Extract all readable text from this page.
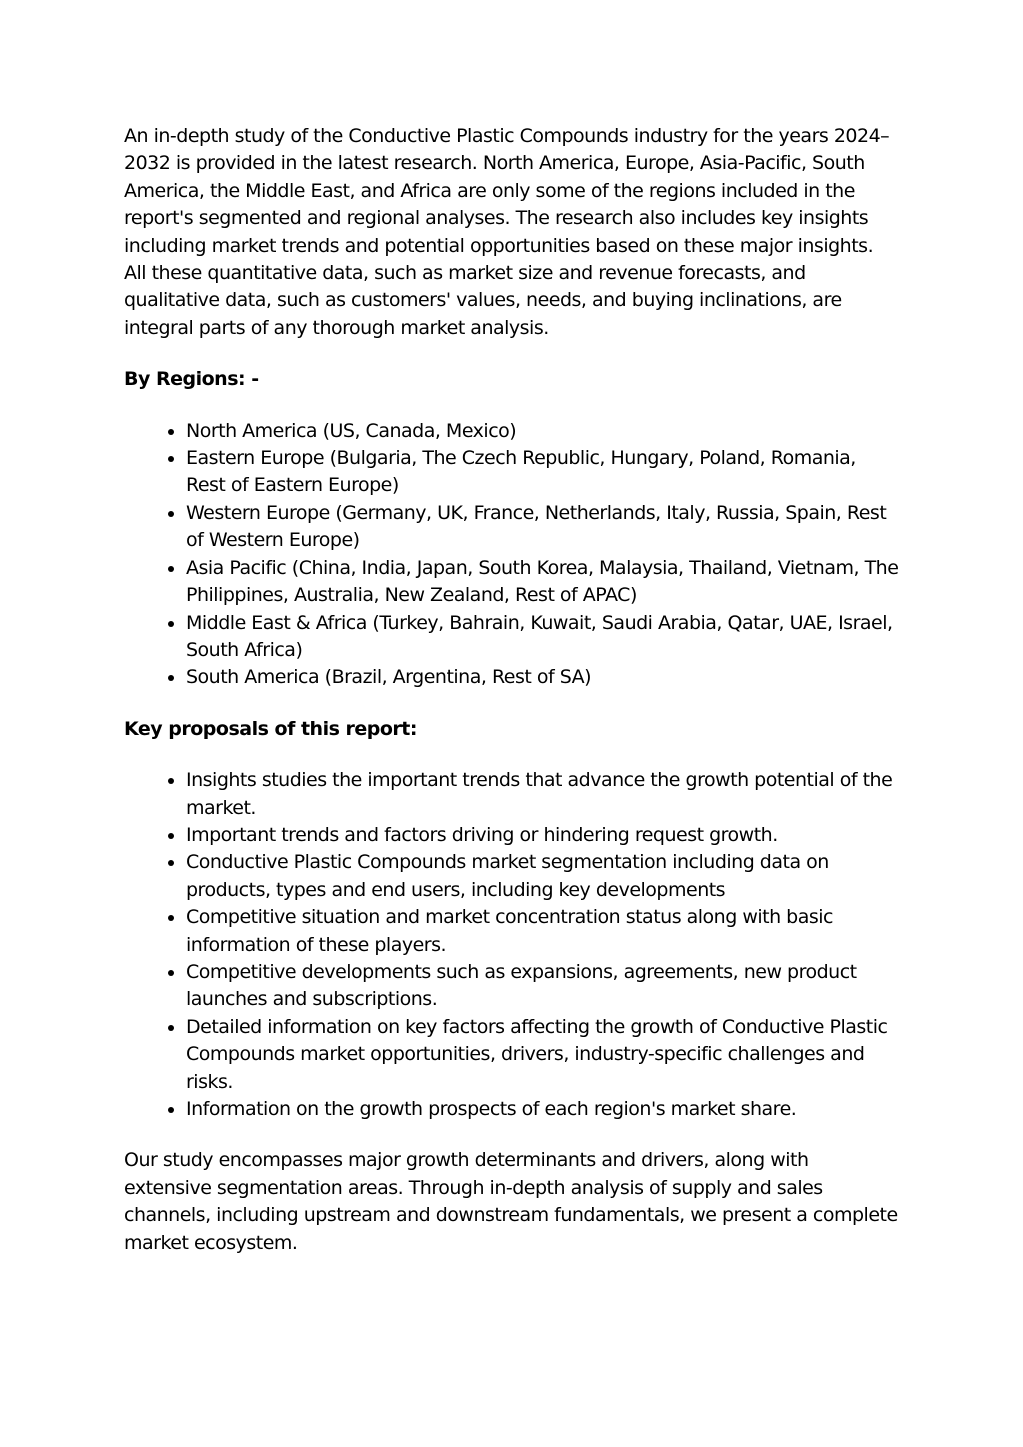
An in-depth study of the Conductive Plastic Compounds industry for the years 2024–2032 is provided in the latest research. North America, Europe, Asia-Pacific, South America, the Middle East, and Africa are only some of the regions included in the report's segmented and regional analyses. The research also includes key insights including market trends and potential opportunities based on these major insights. All these quantitative data, such as market size and revenue forecasts, and qualitative data, such as customers' values, needs, and buying inclinations, are integral parts of any thorough market analysis.

By Regions: -

• North America (US, Canada, Mexico)
• Eastern Europe (Bulgaria, The Czech Republic, Hungary, Poland, Romania, Rest of Eastern Europe)
• Western Europe (Germany, UK, France, Netherlands, Italy, Russia, Spain, Rest of Western Europe)
• Asia Pacific (China, India, Japan, South Korea, Malaysia, Thailand, Vietnam, The Philippines, Australia, New Zealand, Rest of APAC)
• Middle East & Africa (Turkey, Bahrain, Kuwait, Saudi Arabia, Qatar, UAE, Israel, South Africa)
• South America (Brazil, Argentina, Rest of SA)

Key proposals of this report:

• Insights studies the important trends that advance the growth potential of the market.
• Important trends and factors driving or hindering request growth.
• Conductive Plastic Compounds market segmentation including data on products, types and end users, including key developments
• Competitive situation and market concentration status along with basic information of these players.
• Competitive developments such as expansions, agreements, new product launches and subscriptions.
• Detailed information on key factors affecting the growth of Conductive Plastic Compounds market opportunities, drivers, industry-specific challenges and risks.
• Information on the growth prospects of each region's market share.

Our study encompasses major growth determinants and drivers, along with extensive segmentation areas. Through in-depth analysis of supply and sales channels, including upstream and downstream fundamentals, we present a complete market ecosystem.
